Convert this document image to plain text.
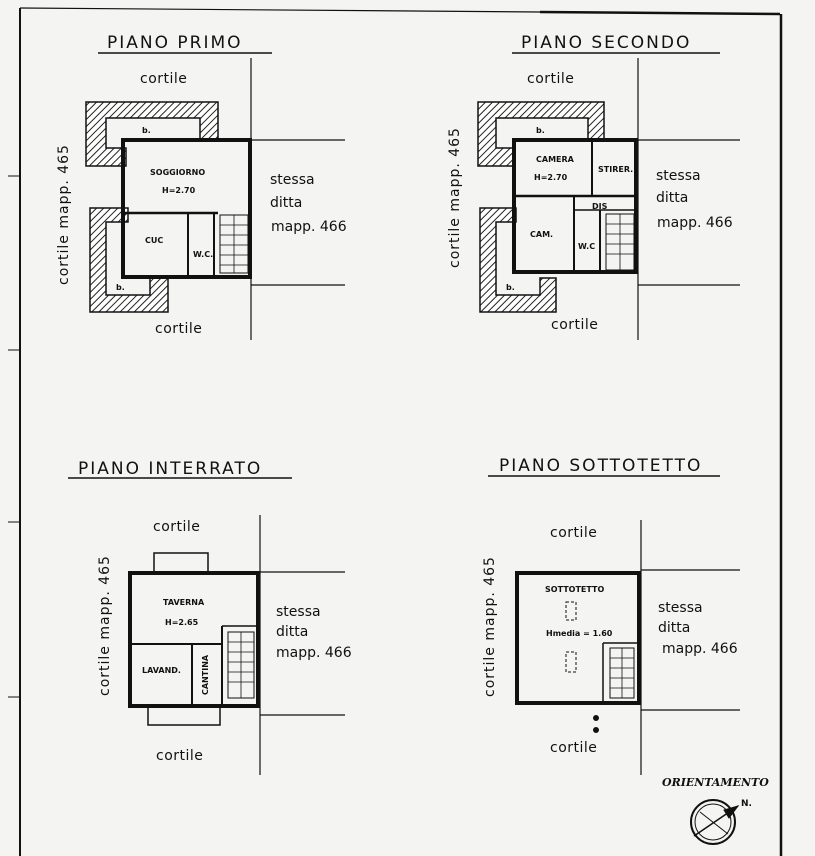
PIANO PRIMO
cortile
cortile
cortile mapp. 465	stessa
ditta
mapp. 466
SOGGIORNO
H=2.70
CUC
W.C.
b.
b.
PIANO SECONDO
cortile
cortile
cortile mapp. 465	stessa
ditta
mapp. 466
CAMERA
H=2.70
STIRER.
DIS
CAM.
W.C
b.
b.
PIANO INTERRATO
cortile
cortile
cortile mapp. 465	stessa
ditta
mapp. 466
TAVERNA
H=2.65
LAVAND.	CANTINA
PIANO SOTTOTETTO
cortile
cortile
cortile mapp. 465	stessa
ditta
mapp. 466
SOTTOTETTO
Hmedia = 1.60
ORIENTAMENTO
N.
